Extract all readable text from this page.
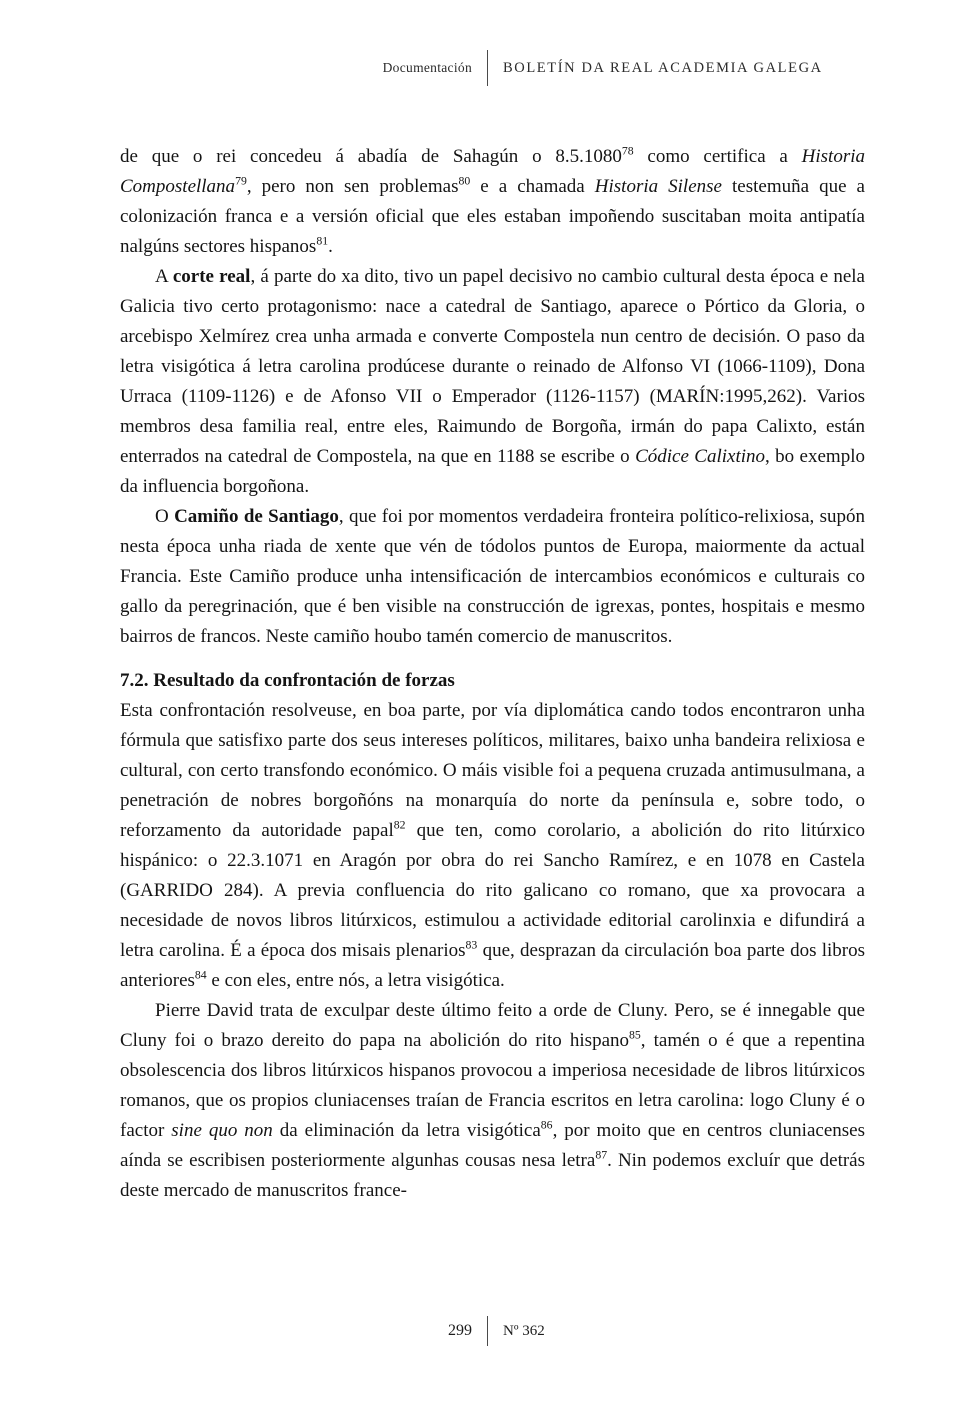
Documentación	BOLETÍN DA REAL ACADEMIA GALEGA

de que o rei concedeu á abadía de Sahagún o 8.5.1080$^{78}$ como certifica a Historia Compostellana$^{79}$, pero non sen problemas$^{80}$ e a chamada Historia Silense testemuña que a colonización franca e a versión oficial que eles estaban impoñendo suscitaban moita antipatía nalgúns sectores hispanos$^{81}$.

A corte real, á parte do xa dito, tivo un papel decisivo no cambio cultural desta época e nela Galicia tivo certo protagonismo: nace a catedral de Santiago, aparece o Pórtico da Gloria, o arcebispo Xelmírez crea unha armada e converte Compostela nun centro de decisión. O paso da letra visigótica á letra carolina prodúcese durante o reinado de Alfonso VI (1066-1109), Dona Urraca (1109-1126) e de Afonso VII o Emperador (1126-1157) (MARÍN:1995,262). Varios membros desa familia real, entre eles, Raimundo de Borgoña, irmán do papa Calixto, están enterrados na catedral de Compostela, na que en 1188 se escribe o Códice Calixtino, bo exemplo da influencia borgoñona.

O Camiño de Santiago, que foi por momentos verdadeira fronteira político-relixiosa, supón nesta época unha riada de xente que vén de tódolos puntos de Europa, maiormente da actual Francia. Este Camiño produce unha intensificación de intercambios económicos e culturais co gallo da peregrinación, que é ben visible na construcción de igrexas, pontes, hospitais e mesmo bairros de francos. Neste camiño houbo tamén comercio de manuscritos.

7.2. Resultado da confrontación de forzas

Esta confrontación resolveuse, en boa parte, por vía diplomática cando todos encontraron unha fórmula que satisfixo parte dos seus intereses políticos, militares, baixo unha bandeira relixiosa e cultural, con certo transfondo económico. O máis visible foi a pequena cruzada antimusulmana, a penetración de nobres borgoñóns na monarquía do norte da península e, sobre todo, o reforzamento da autoridade papal$^{82}$ que ten, como corolario, a abolición do rito litúrxico hispánico: o 22.3.1071 en Aragón por obra do rei Sancho Ramírez, e en 1078 en Castela (GARRIDO 284). A previa confluencia do rito galicano co romano, que xa provocara a necesidade de novos libros litúrxicos, estimulou a actividade editorial carolinxia e difundirá a letra carolina. É a época dos misais plenarios$^{83}$ que, desprazan da circulación boa parte dos libros anteriores$^{84}$ e con eles, entre nós, a letra visigótica.

Pierre David trata de exculpar deste último feito a orde de Cluny. Pero, se é innegable que Cluny foi o brazo dereito do papa na abolición do rito hispano$^{85}$, tamén o é que a repentina obsolescencia dos libros litúrxicos hispanos provocou a imperiosa necesidade de libros litúrxicos romanos, que os propios cluniacenses traían de Francia escritos en letra carolina: logo Cluny é o factor sine quo non da eliminación da letra visigótica$^{86}$, por moito que en centros cluniacenses aínda se escribisen posteriormente algunhas cousas nesa letra$^{87}$. Nin podemos excluír que detrás deste mercado de manuscritos france-

299	Nº 362
